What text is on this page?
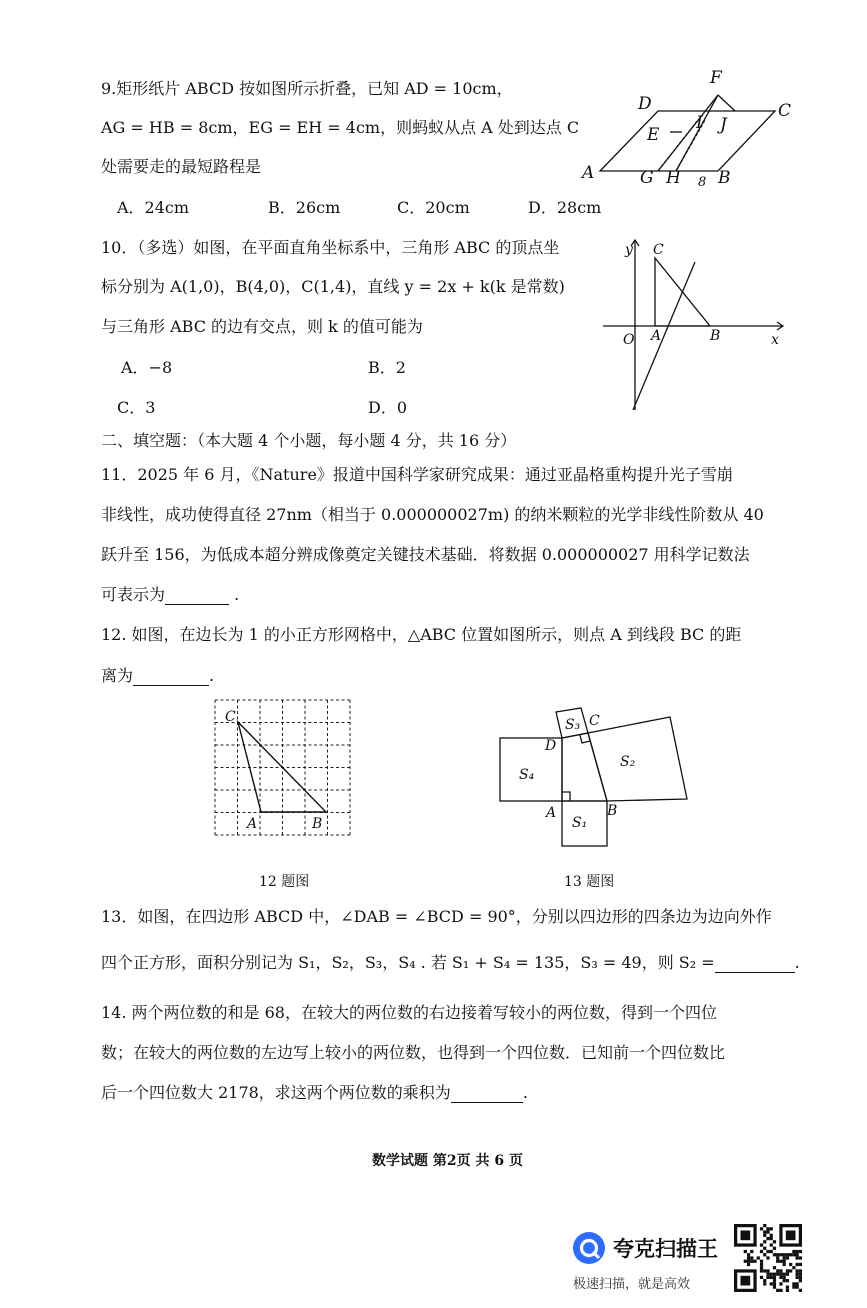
9.矩形纸片 ABCD 按如图所示折叠，已知 AD = 10cm，
AG = HB = 8cm，EG = EH = 4cm，则蚂蚁从点 A 处到达点 C
处需要走的最短路程是
A．24cm	B．26cm	C．20cm	D．28cm
A	B
C
D
E
F
G H
I J
8
10．（多选）如图，在平面直角坐标系中，三角形 ABC 的顶点坐
标分别为 A(1,0)，B(4,0)，C(1,4)，直线 y = 2x + k(k 是常数)
与三角形 ABC 的边有交点，则 k 的值可能为
A．−8	B．2
C．3	D．0
y
x
O A	B
C
二、填空题：（本大题 4 个小题，每小题 4 分，共 16 分）
11．2025 年 6 月，《Nature》报道中国科学家研究成果：通过亚晶格重构提升光子雪崩
非线性，成功使得直径 27nm（相当于 0.000000027m) 的纳米颗粒的光学非线性阶数从 40
跃升至 156，为低成本超分辨成像奠定关键技术基础．将数据 0.000000027 用科学记数法
可表示为	.
12. 如图，在边长为 1 的小正方形网格中，△ABC 位置如图所示，则点 A 到线段 BC 的距
离为	.
C
A	B
12 题图
D
C
A	B
S₃
S₂
S₄
S₁
13 题图
13．如图，在四边形 ABCD 中，∠DAB = ∠BCD = 90°，分别以四边形的四条边为边向外作
四个正方形，面积分别记为 S₁，S₂，S₃，S₄ . 若 S₁ + S₄ = 135，S₃ = 49，则 S₂ =	.
14. 两个两位数的和是 68，在较大的两位数的右边接着写较小的两位数，得到一个四位
数；在较大的两位数的左边写上较小的两位数，也得到一个四位数．已知前一个四位数比
后一个四位数大 2178，求这两个两位数的乘积为	.
数学试题 第2页 共 6 页
夸克扫描王
极速扫描，就是高效
